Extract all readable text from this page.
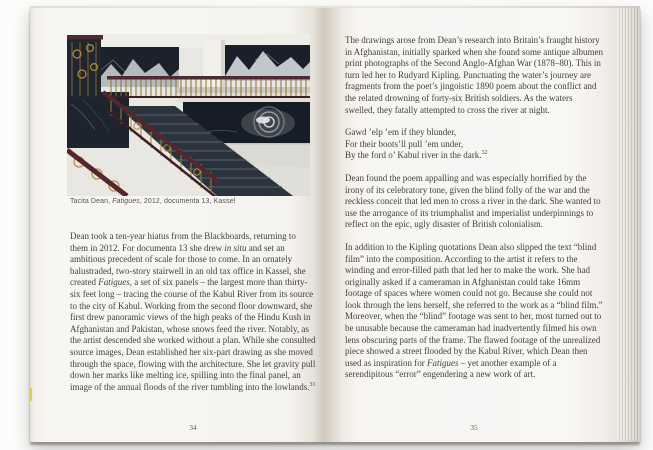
Tacita Dean, Fatigues, 2012, documenta 13, Kassel

Dean took a ten-year hiatus from the Blackboards, returning to them in 2012. For documenta 13 she drew in situ and set an ambitious precedent of scale for those to come. In an ornately balustraded, two-story stairwell in an old tax office in Kassel, she created Fatigues, a set of six panels – the largest more than thirty-six feet long – tracing the course of the Kabul River from its source to the city of Kabul. Working from the second floor downward, she first drew panoramic views of the high peaks of the Hindu Kush in Afghanistan and Pakistan, whose snows feed the river. Notably, as the artist descended she worked without a plan. While she consulted source images, Dean established her six-part drawing as she moved through the space, flowing with the architecture. She let gravity pull down her marks like melting ice, spilling into the final panel, an image of the annual floods of the river tumbling into the lowlands.$^{31}$

34

The drawings arose from Dean’s research into Britain’s fraught history in Afghanistan, initially sparked when she found some antique albumen print photographs of the Second Anglo-Afghan War (1878–80). This in turn led her to Rudyard Kipling. Punctuating the water’s journey are fragments from the poet’s jingoistic 1890 poem about the conflict and the related drowning of forty-six British soldiers. As the waters swelled, they fatally attempted to cross the river at night.

Gawd ’elp ’em if they blunder,
For their boots’ll pull ’em under,
By the ford o’ Kabul river in the dark.$^{32}$

Dean found the poem appalling and was especially horrified by the irony of its celebratory tone, given the blind folly of the war and the reckless conceit that led men to cross a river in the dark. She wanted to use the arrogance of its triumphalist and imperialist underpinnings to reflect on the epic, ugly disaster of British colonialism.

In addition to the Kipling quotations Dean also slipped the text “blind film” into the composition. According to the artist it refers to the winding and error-filled path that led her to make the work. She had originally asked if a cameraman in Afghanistan could take 16mm footage of spaces where women could not go. Because she could not look through the lens herself, she referred to the work as a “blind film.” Moreover, when the “blind” footage was sent to her, most turned out to be unusable because the cameraman had inadvertently filmed his own lens obscuring parts of the frame. The flawed footage of the unrealized piece showed a street flooded by the Kabul River, which Dean then used as inspiration for Fatigues – yet another example of a serendipitous “error” engendering a new work of art.

35
